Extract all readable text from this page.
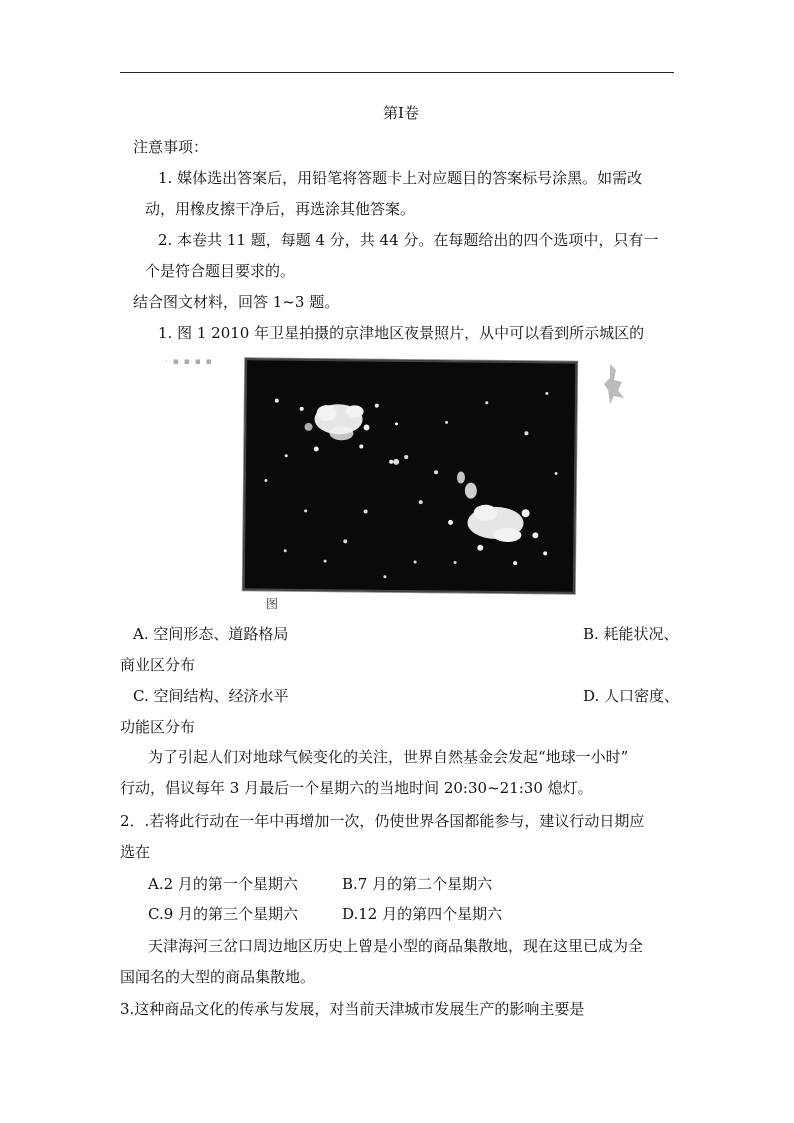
第Ⅰ卷
注意事项：
1. 媒体选出答案后，用铅笔将答题卡上对应题目的答案标号涂黑。如需改
动，用橡皮擦干净后，再选涂其他答案。
2. 本卷共 11 题，每题 4 分，共 44 分。在每题给出的四个选项中，只有一
个是符合题目要求的。
结合图文材料，回答 1~3 题。
1. 图 1 2010 年卫星拍摄的京津地区夜景照片，从中可以看到所示城区的
· ▪ ▪ ▪ ▪
图
A. 空间形态、道路格局	B. 耗能状况、
商业区分布
C. 空间结构、经济水平	D. 人口密度、
功能区分布
为了引起人们对地球气候变化的关注，世界自然基金会发起“地球一小时”
行动，倡议每年 3 月最后一个星期六的当地时间 20:30~21:30 熄灯。
2．.若将此行动在一年中再增加一次，仍使世界各国都能参与，建议行动日期应
选在
A.2 月的第一个星期六	B.7 月的第二个星期六
C.9 月的第三个星期六	D.12 月的第四个星期六
天津海河三岔口周边地区历史上曾是小型的商品集散地，现在这里已成为全
国闻名的大型的商品集散地。
3.这种商品文化的传承与发展，对当前天津城市发展生产的影响主要是
